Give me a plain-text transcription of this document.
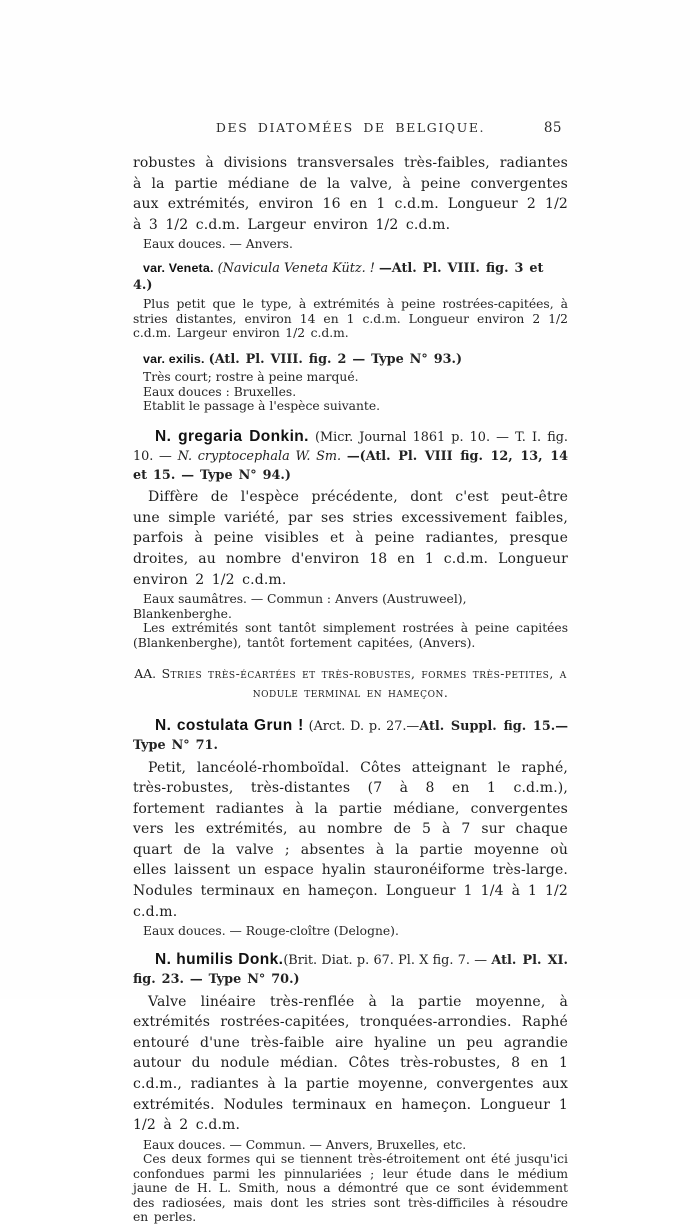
DES DIATOMÉES DE BELGIQUE.	85

robustes à divisions transversales très-faibles, radiantes à la partie médiane de la valve, à peine convergentes aux extrémités, environ 16 en 1 c.d.m. Longueur 2 1/2 à 3 1/2 c.d.m. Largeur environ 1/2 c.d.m.

Eaux douces. — Anvers.

var. Veneta. (Navicula Veneta Kütz. ! —Atl. Pl. VIII. fig. 3 et 4.)

Plus petit que le type, à extrémités à peine rostrées-capitées, à stries distantes, environ 14 en 1 c.d.m. Longueur environ 2 1/2 c.d.m. Largeur environ 1/2 c.d.m.

var. exilis. (Atl. Pl. VIII. fig. 2 — Type N° 93.)

Très court; rostre à peine marqué.

Eaux douces : Bruxelles.

Etablit le passage à l'espèce suivante.

N. gregaria Donkin. (Micr. Journal 1861 p. 10. — T. I. fig. 10. — N. cryptocephala W. Sm. —(Atl. Pl. VIII fig. 12, 13, 14 et 15. — Type N° 94.)

Diffère de l'espèce précédente, dont c'est peut-être une simple variété, par ses stries excessivement faibles, parfois à peine visibles et à peine radiantes, presque droites, au nombre d'environ 18 en 1 c.d.m. Longueur environ 2 1/2 c.d.m.

Eaux saumâtres. — Commun : Anvers (Austruweel), Blankenberghe.

Les extrémités sont tantôt simplement rostrées à peine capitées (Blankenberghe), tantôt fortement capitées, (Anvers).

AA. Stries très-écartées et très-robustes, formes très-petites, a nodule terminal en hameçon.

N. costulata Grun ! (Arct. D. p. 27.—Atl. Suppl. fig. 15.— Type N° 71.

Petit, lancéolé-rhomboïdal. Côtes atteignant le raphé, très-robustes, très-distantes (7 à 8 en 1 c.d.m.), fortement radiantes à la partie médiane, convergentes vers les extrémités, au nombre de 5 à 7 sur chaque quart de la valve ; absentes à la partie moyenne où elles laissent un espace hyalin stauronéiforme très-large. Nodules terminaux en hameçon. Longueur 1 1/4 à 1 1/2 c.d.m.

Eaux douces. — Rouge-cloître (Delogne).

N. humilis Donk.(Brit. Diat. p. 67. Pl. X fig. 7. — Atl. Pl. XI. fig. 23. — Type N° 70.)

Valve linéaire très-renflée à la partie moyenne, à extrémités rostrées-capitées, tronquées-arrondies. Raphé entouré d'une très-faible aire hyaline un peu agrandie autour du nodule médian. Côtes très-robustes, 8 en 1 c.d.m., radiantes à la partie moyenne, convergentes aux extrémités. Nodules terminaux en hameçon. Longueur 1 1/2 à 2 c.d.m.

Eaux douces. — Commun. — Anvers, Bruxelles, etc.

Ces deux formes qui se tiennent très-étroitement ont été jusqu'ici confondues parmi les pinnulariées ; leur étude dans le médium jaune de H. L. Smith, nous a démontré que ce sont évidemment des radiosées, mais dont les stries sont très-difficiles à résoudre en perles.
